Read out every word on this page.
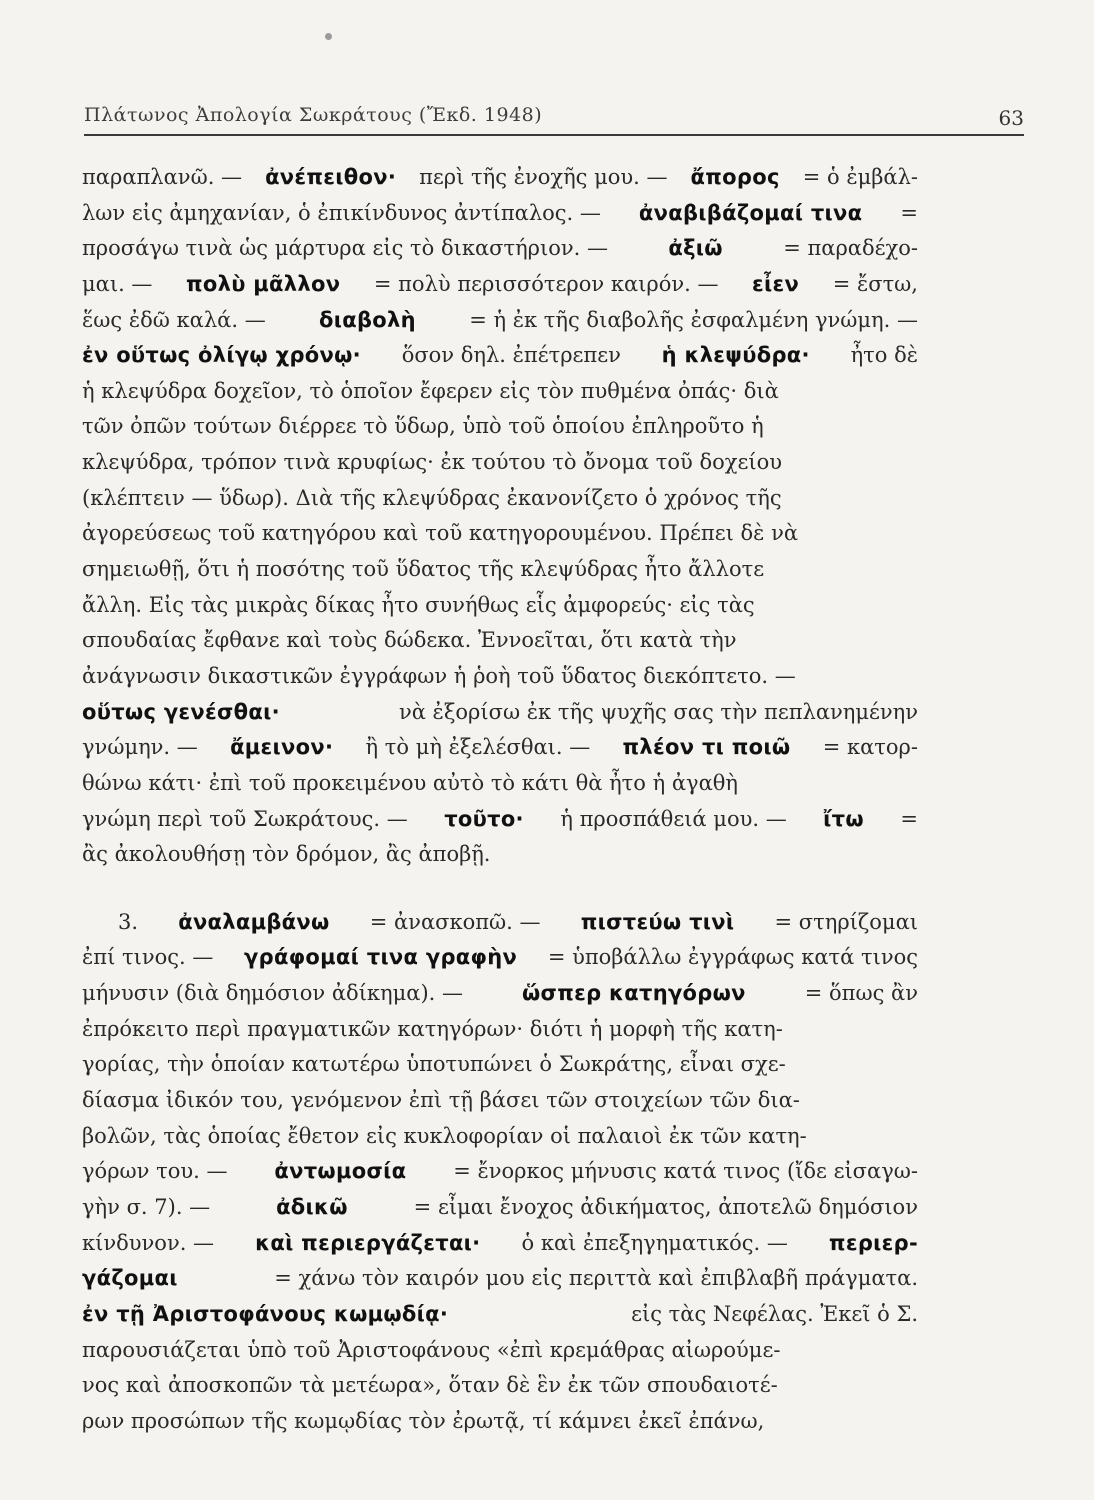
Πλάτωνος Ἀπολογία Σωκράτους (Ἔκδ. 1948)	63
παραπλανῶ. — ἀνέπειθον· περὶ τῆς ἐνοχῆς μου. — ἄπορος = ὁ ἐμβάλ-
λων εἰς ἀμηχανίαν, ὁ ἐπικίνδυνος ἀντίπαλος. — ἀναβιβάζομαί τινα =
προσάγω τινὰ ὡς μάρτυρα εἰς τὸ δικαστήριον. —	ἀξιῶ	= παραδέχο-
μαι. — πολὺ μᾶλλον = πολὺ περισσότερον καιρόν. — εἶεν = ἔστω,
ἕως ἐδῶ καλά. —	διαβολὴ	= ἡ ἐκ τῆς διαβολῆς ἐσφαλμένη γνώμη. —
ἐν οὕτως ὀλίγῳ χρόνῳ· ὅσον δηλ. ἐπέτρεπεν ἡ κλεψύδρα· ἦτο δὲ
ἡ κλεψύδρα δοχεῖον, τὸ ὁποῖον ἔφερεν εἰς τὸν πυθμένα ὀπάς· διὰ
τῶν ὀπῶν τούτων διέρρεε τὸ ὕδωρ, ὑπὸ τοῦ ὁποίου ἐπληροῦτο ἡ
κλεψύδρα, τρόπον τινὰ κρυφίως· ἐκ τούτου τὸ ὄνομα τοῦ δοχείου
(κλέπτειν — ὕδωρ). Διὰ τῆς κλεψύδρας ἐκανονίζετο ὁ χρόνος τῆς
ἀγορεύσεως τοῦ κατηγόρου καὶ τοῦ κατηγορουμένου. Πρέπει δὲ νὰ
σημειωθῇ, ὅτι ἡ ποσότης τοῦ ὕδατος τῆς κλεψύδρας ἦτο ἄλλοτε
ἄλλη. Εἰς τὰς μικρὰς δίκας ἦτο συνήθως εἷς ἀμφορεύς· εἰς τὰς
σπουδαίας ἔφθανε καὶ τοὺς δώδεκα. Ἐννοεῖται, ὅτι κατὰ τὴν
ἀνάγνωσιν δικαστικῶν ἐγγράφων ἡ ῥοὴ τοῦ ὕδατος διεκόπτετο. —
οὕτως γενέσθαι·	νὰ ἐξορίσω ἐκ τῆς ψυχῆς σας τὴν πεπλανημένην
γνώμην. — ἄμεινον· ἢ τὸ μὴ ἐξελέσθαι. — πλέον τι ποιῶ = κατορ-
θώνω κάτι· ἐπὶ τοῦ προκειμένου αὐτὸ τὸ κάτι θὰ ἦτο ἡ ἀγαθὴ
γνώμη περὶ τοῦ Σωκράτους. — τοῦτο· ἡ προσπάθειά μου. — ἴτω =
ἂς ἀκολουθήσῃ τὸν δρόμον, ἂς ἀποβῇ.
3. ἀναλαμβάνω = ἀνασκοπῶ. — πιστεύω τινὶ = στηρίζομαι
ἐπί τινος. — γράφομαί τινα γραφὴν = ὑποβάλλω ἐγγράφως κατά τινος
μήνυσιν (διὰ δημόσιον ἀδίκημα). —	ὥσπερ κατηγόρων	= ὅπως ἂν
ἐπρόκειτο περὶ πραγματικῶν κατηγόρων· διότι ἡ μορφὴ τῆς κατη-
γορίας, τὴν ὁποίαν κατωτέρω ὑποτυπώνει ὁ Σωκράτης, εἶναι σχε-
δίασμα ἰδικόν του, γενόμενον ἐπὶ τῇ βάσει τῶν στοιχείων τῶν δια-
βολῶν, τὰς ὁποίας ἔθετον εἰς κυκλοφορίαν οἱ παλαιοὶ ἐκ τῶν κατη-
γόρων του. — ἀντωμοσία = ἔνορκος μήνυσις κατά τινος (ἴδε εἰσαγω-
γὴν σ. 7). —	ἀδικῶ	= εἶμαι ἔνοχος ἀδικήματος, ἀποτελῶ δημόσιον
κίνδυνον. — καὶ περιεργάζεται· ὁ καὶ ἐπεξηγηματικός. — περιερ-
γάζομαι	= χάνω τὸν καιρόν μου εἰς περιττὰ καὶ ἐπιβλαβῆ πράγματα.
ἐν τῇ Ἀριστοφάνους κωμῳδίᾳ·	εἰς τὰς Νεφέλας. Ἐκεῖ ὁ Σ.
παρουσιάζεται ὑπὸ τοῦ Ἀριστοφάνους «ἐπὶ κρεμάθρας αἰωρούμε-
νος καὶ ἀποσκοπῶν τὰ μετέωρα», ὅταν δὲ ἓν ἐκ τῶν σπουδαιοτέ-
ρων προσώπων τῆς κωμῳδίας τὸν ἐρωτᾷ, τί κάμνει ἐκεῖ ἐπάνω,
